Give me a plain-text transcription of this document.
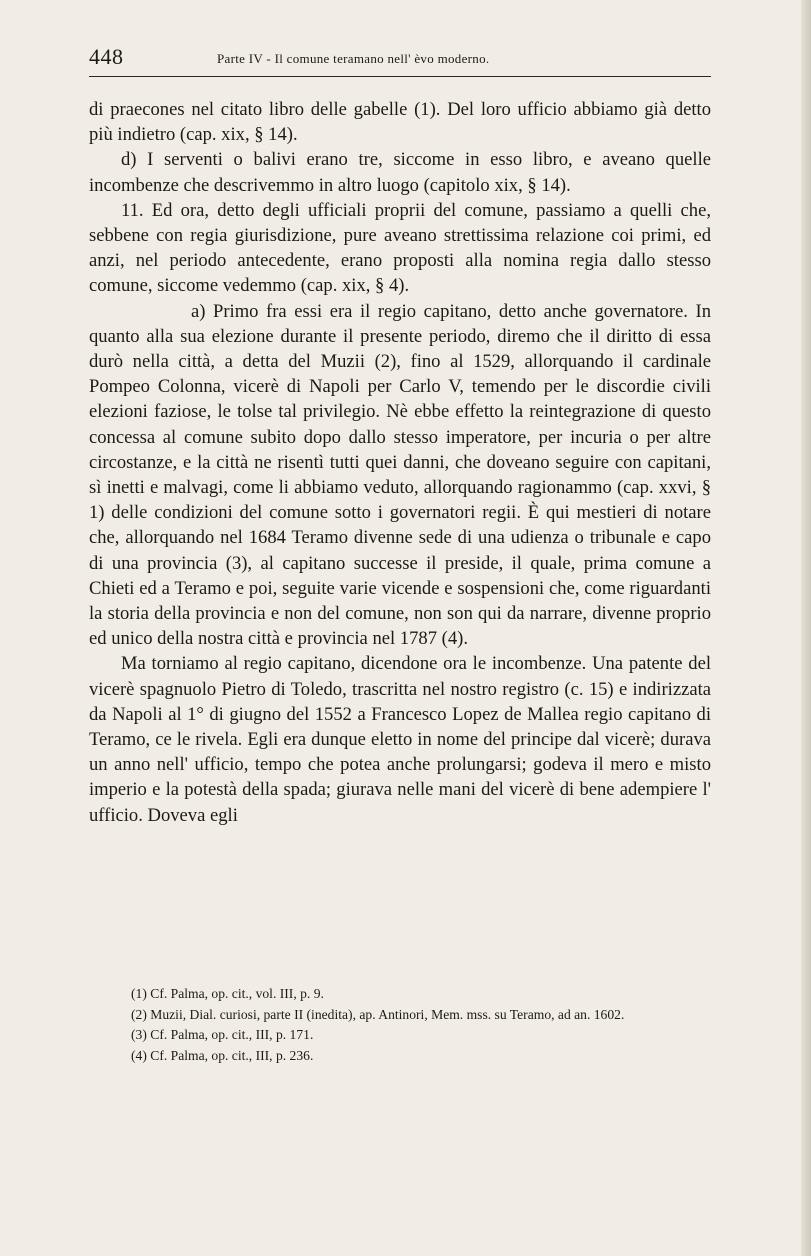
448	Parte IV - Il comune teramano nell' èvo moderno.

di praecones nel citato libro delle gabelle (1). Del loro ufficio abbiamo già detto più indietro (cap. xix, § 14).

d) I serventi o balivi erano tre, siccome in esso libro, e aveano quelle incombenze che descrivemmo in altro luogo (capitolo xix, § 14).

11. Ed ora, detto degli ufficiali proprii del comune, passiamo a quelli che, sebbene con regia giurisdizione, pure aveano strettissima relazione coi primi, ed anzi, nel periodo antecedente, erano proposti alla nomina regia dallo stesso comune, siccome vedemmo (cap. xix, § 4).

a) Primo fra essi era il regio capitano, detto anche governatore. In quanto alla sua elezione durante il presente periodo, diremo che il diritto di essa durò nella città, a detta del Muzii (2), fino al 1529, allorquando il cardinale Pompeo Colonna, vicerè di Napoli per Carlo V, temendo per le discordie civili elezioni faziose, le tolse tal privilegio. Nè ebbe effetto la reintegrazione di questo concessa al comune subito dopo dallo stesso imperatore, per incuria o per altre circostanze, e la città ne risentì tutti quei danni, che doveano seguire con capitani, sì inetti e malvagi, come li abbiamo veduto, allorquando ragionammo (cap. xxvi, § 1) delle condizioni del comune sotto i governatori regii. È qui mestieri di notare che, allorquando nel 1684 Teramo divenne sede di una udienza o tribunale e capo di una provincia (3), al capitano successe il preside, il quale, prima comune a Chieti ed a Teramo e poi, seguite varie vicende e sospensioni che, come riguardanti la storia della provincia e non del comune, non son qui da narrare, divenne proprio ed unico della nostra città e provincia nel 1787 (4).

Ma torniamo al regio capitano, dicendone ora le incombenze. Una patente del vicerè spagnuolo Pietro di Toledo, trascritta nel nostro registro (c. 15) e indirizzata da Napoli al 1° di giugno del 1552 a Francesco Lopez de Mallea regio capitano di Teramo, ce le rivela. Egli era dunque eletto in nome del principe dal vicerè; durava un anno nell' ufficio, tempo che potea anche prolungarsi; godeva il mero e misto imperio e la potestà della spada; giurava nelle mani del vicerè di bene adempiere l' ufficio. Doveva egli

(1) Cf. Palma, op. cit., vol. III, p. 9.

(2) Muzii, Dial. curiosi, parte II (inedita), ap. Antinori, Mem. mss. su Teramo, ad an. 1602.

(3) Cf. Palma, op. cit., III, p. 171.

(4) Cf. Palma, op. cit., III, p. 236.
